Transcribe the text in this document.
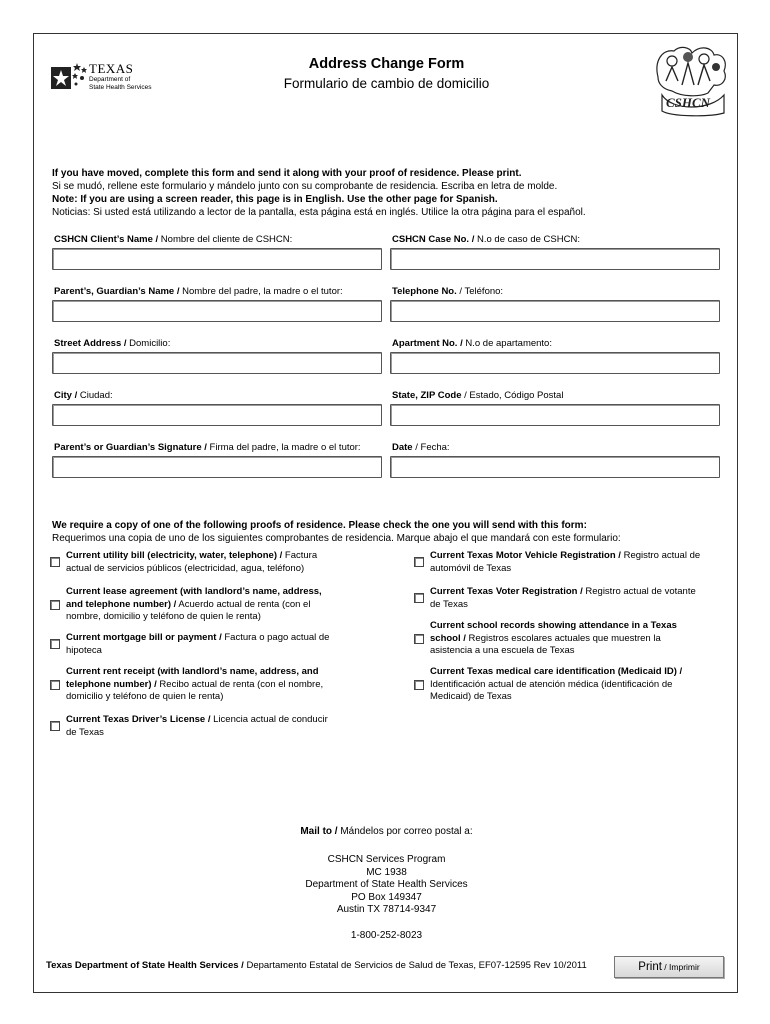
TEXAS
Department of
State Health Services
Address Change Form
Formulario de cambio de domicilio
CSHCN
If you have moved, complete this form and send it along with your proof of residence. Please print.
Si se mudó, rellene este formulario y mándelo junto con su comprobante de residencia. Escriba en letra de molde.
Note: If you are using a screen reader, this page is in English. Use the other page for Spanish.
Noticias: Si usted está utilizando a lector de la pantalla, esta página está en inglés. Utilice la otra página para el español.
CSHCN Client’s Name / Nombre del cliente de CSHCN:	CSHCN Case No. / N.o de caso de CSHCN:
Parent’s, Guardian’s Name / Nombre del padre, la madre o el tutor:	Telephone No. / Teléfono:
Street Address / Domicilio:	Apartment No. / N.o de apartamento:
City / Ciudad:	State, ZIP Code / Estado, Código Postal
Parent’s or Guardian’s Signature / Firma del padre, la madre o el tutor:	Date / Fecha:
We require a copy of one of the following proofs of residence. Please check the one you will send with this form:
Requerimos una copia de uno de los siguientes comprobantes de residencia. Marque abajo el que mandará con este formulario:
Current utility bill (electricity, water, telephone) / Factura
actual de servicios públicos (electricidad, agua, teléfono)
Current lease agreement (with landlord’s name, address,
and telephone number) / Acuerdo actual de renta (con el
nombre, domicilio y teléfono de quien le renta)
Current mortgage bill or payment / Factura o pago actual de
hipoteca
Current rent receipt (with landlord’s name, address, and
telephone number) / Recibo actual de renta (con el nombre,
domicilio y teléfono de quien le renta)
Current Texas Driver’s License / Licencia actual de conducir
de Texas
Current Texas Motor Vehicle Registration / Registro actual de
automóvil de Texas
Current Texas Voter Registration / Registro actual de votante
de Texas
Current school records showing attendance in a Texas
school / Registros escolares actuales que muestren la
asistencia a una escuela de Texas
Current Texas medical care identification (Medicaid ID) /
Identificación actual de atención médica (identificación de
Medicaid) de Texas
Mail to / Mándelos por correo postal a:
CSHCN Services Program
MC 1938
Department of State Health Services
PO Box 149347
Austin TX 78714-9347
1-800-252-8023
Texas Department of State Health Services / Departamento Estatal de Servicios de Salud de Texas, EF07-12595 Rev 10/2011	Print / Imprimir
